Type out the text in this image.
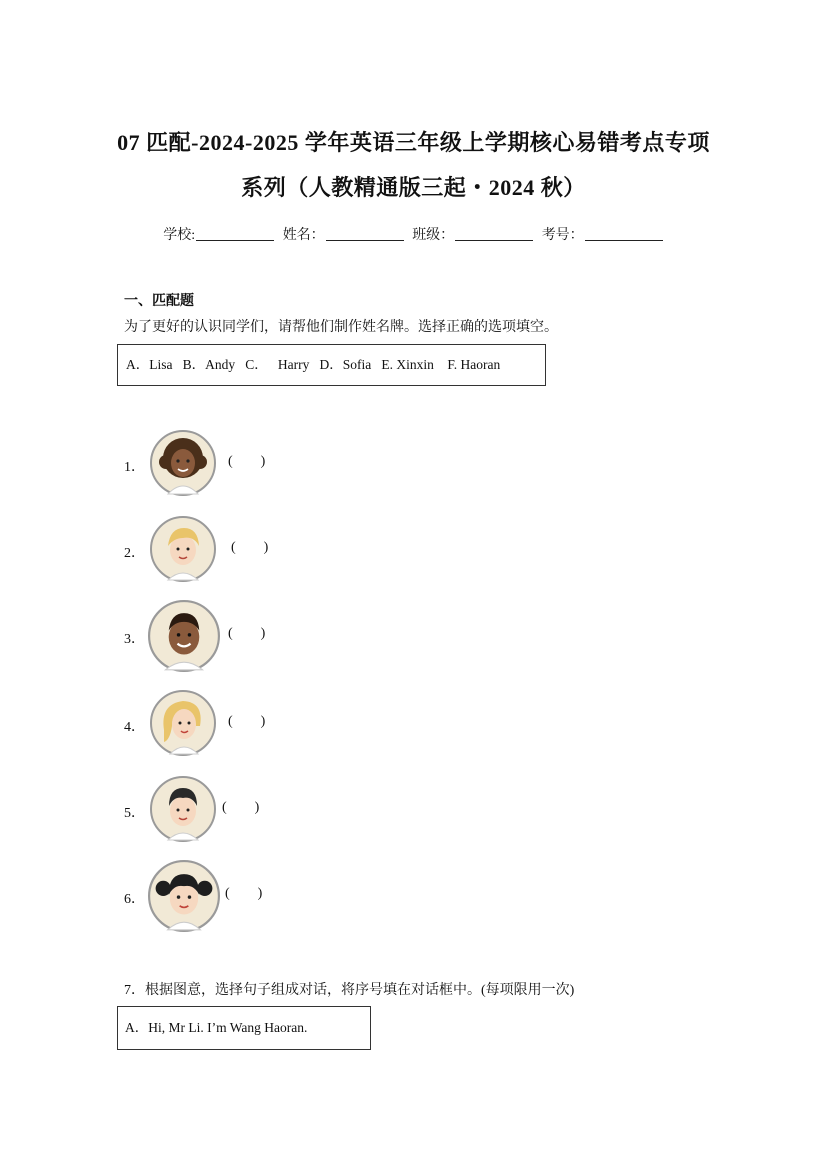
07 匹配-2024-2025 学年英语三年级上学期核心易错考点专项
系列（人教精通版三起・2024 秋）
学校:	姓名：	班级：	考号：
一、匹配题
为了更好的认识同学们，请帮他们制作姓名牌。选择正确的选项填空。
A．Lisa   B．Andy   C．   Harry   D．Sofia   E. Xinxin    F. Haoran
1．	(        )
2．	(        )
3．	(        )
4．	(        )
5．	(        )
6．	(        )
7．根据图意，选择句子组成对话，将序号填在对话框中。(每项限用一次)
A．Hi, Mr Li. I’m Wang Haoran.
